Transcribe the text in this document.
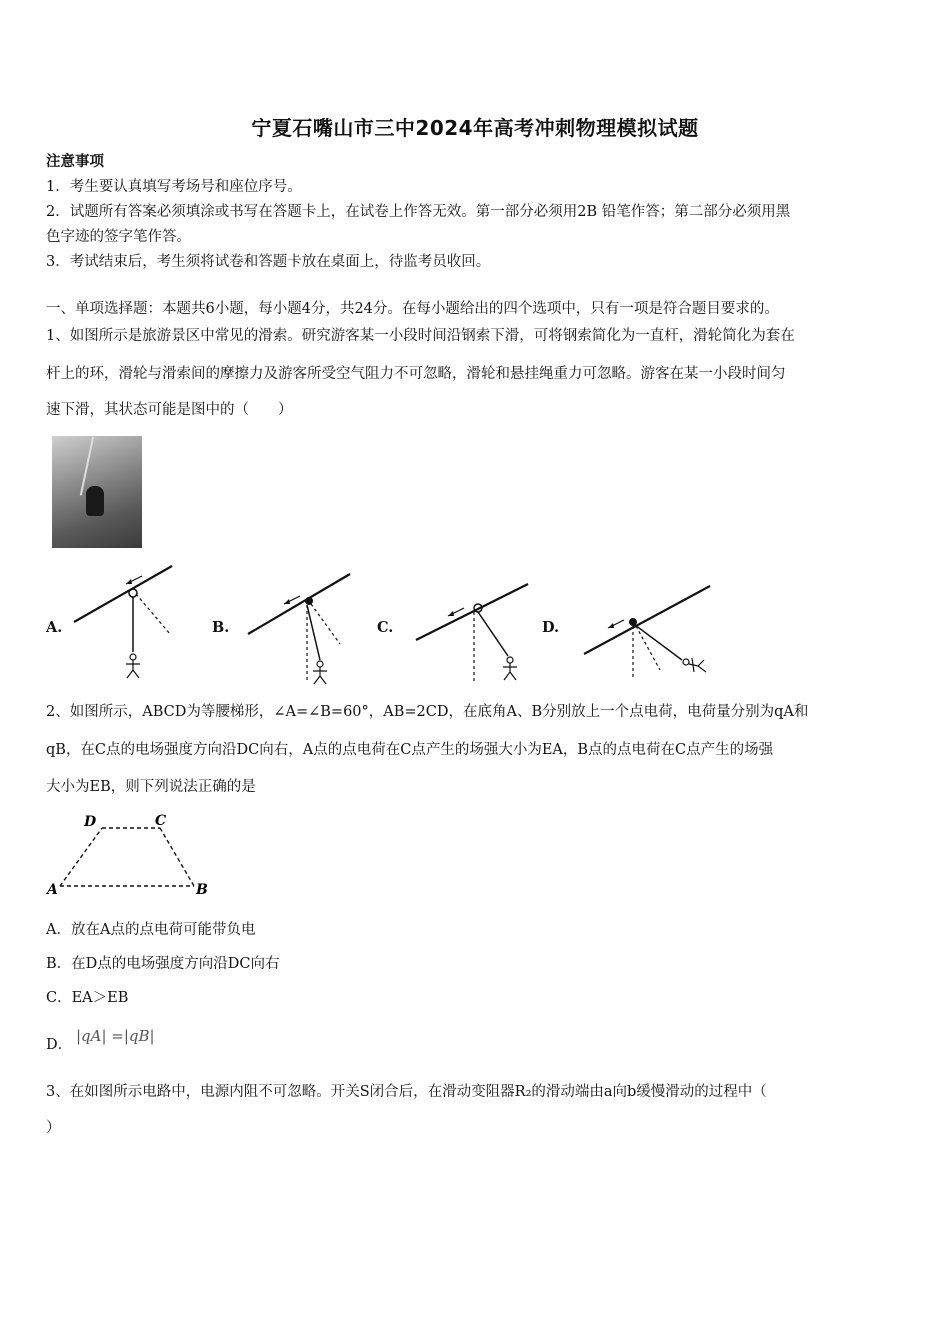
宁夏石嘴山市三中2024年高考冲刺物理模拟试题
注意事项
1．考生要认真填写考场号和座位序号。
2．试题所有答案必须填涂或书写在答题卡上，在试卷上作答无效。第一部分必须用2B 铅笔作答；第二部分必须用黑
色字迹的签字笔作答。
3．考试结束后，考生须将试卷和答题卡放在桌面上，待监考员收回。
一、单项选择题：本题共6小题，每小题4分，共24分。在每小题给出的四个选项中，只有一项是符合题目要求的。
1、如图所示是旅游景区中常见的滑索。研究游客某一小段时间沿钢索下滑，可将钢索简化为一直杆，滑轮简化为套在
杆上的环，滑轮与滑索间的摩擦力及游客所受空气阻力不可忽略，滑轮和悬挂绳重力可忽略。游客在某一小段时间匀
速下滑，其状态可能是图中的（　　）
A.	B.	C.	D.
2、如图所示，ABCD为等腰梯形，∠A=∠B=60°，AB=2CD，在底角A、B分别放上一个点电荷，电荷量分别为qA和
qB，在C点的电场强度方向沿DC向右，A点的点电荷在C点产生的场强大小为EA，B点的点电荷在C点产生的场强
大小为EB，则下列说法正确的是
D	C
A	B
A．放在A点的点电荷可能带负电
B．在D点的电场强度方向沿DC向右
C．EA＞EB
D． |qA| =|qB|
3、在如图所示电路中，电源内阻不可忽略。开关S闭合后，在滑动变阻器R₂的滑动端由a向b缓慢滑动的过程中（
）
